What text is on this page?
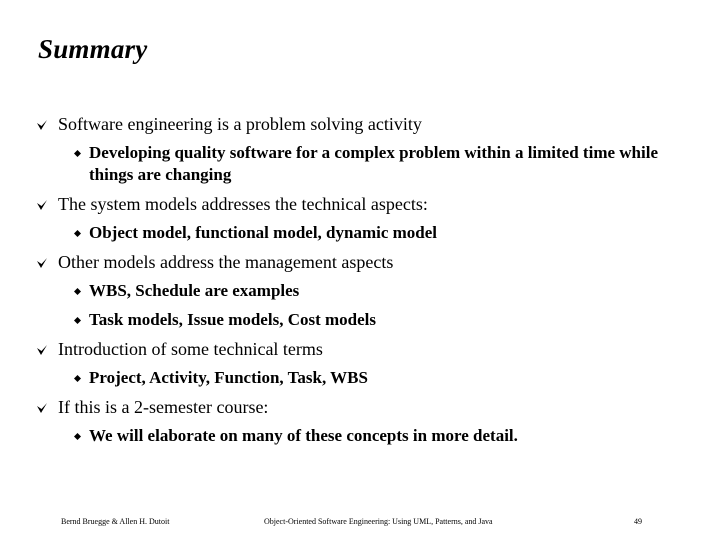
Summary
Software engineering is a problem solving activity
Developing quality software for a complex problem within a limited time while things are changing
The system models addresses the technical aspects:
Object model, functional model, dynamic model
Other models address the management aspects
WBS, Schedule are examples
Task models, Issue models, Cost models
Introduction of some technical terms
Project, Activity, Function, Task, WBS
If this is a 2-semester course:
We will elaborate on many of these concepts in more detail.
Bernd Bruegge & Allen H. Dutoit	Object-Oriented Software Engineering: Using UML, Patterns, and Java	49
